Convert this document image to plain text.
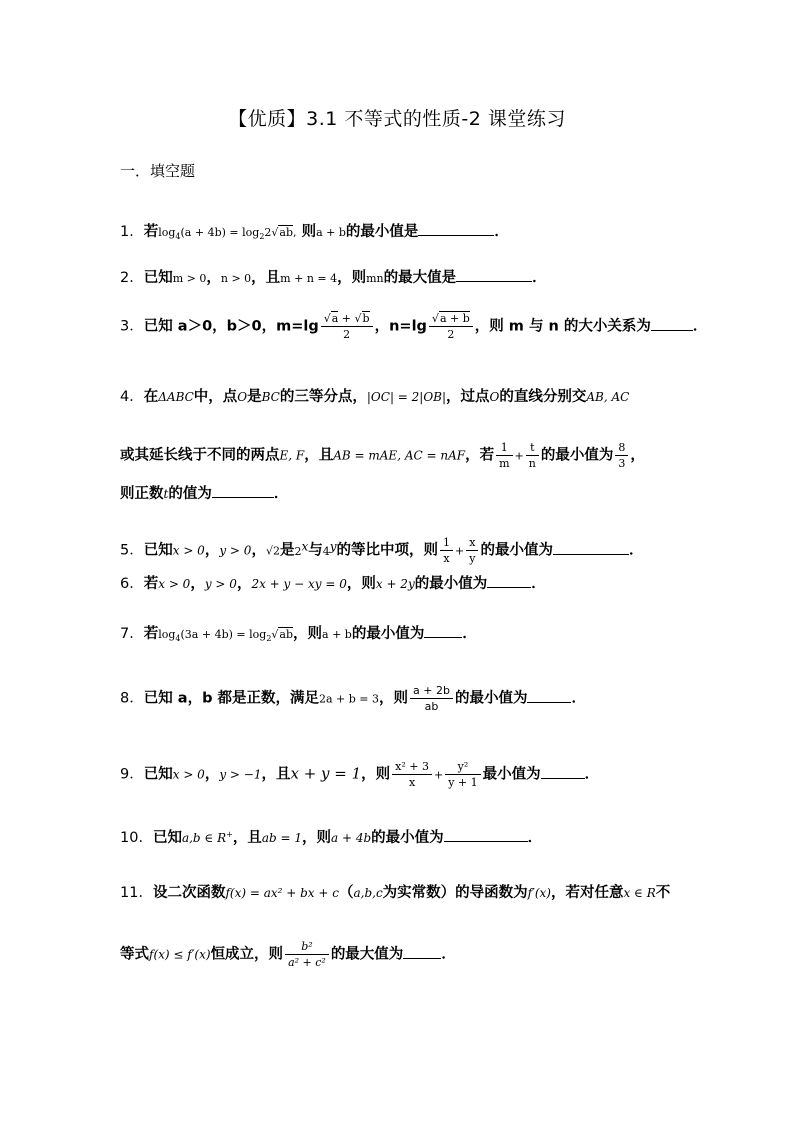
【优质】3.1 不等式的性质-2 课堂练习
一．填空题
1．若$\log_4(a + 4b) = \log_22√ab$, 则a + b的最小值是	．
2．已知m > 0，n > 0，且m + n = 4，则mn的最大值是	．
3．已知 a＞0，b＞0，$m=\lg \frac{√a + √b}{2}$ ，$n=\lg \frac{√a + b}{2}$ ，则 m 与 n 的大小关系为	．
4．在ΔABC中，点O是BC的三等分点，|OC| = 2|OB|，过点O的直线分别交AB, AC
或其延长线于不同的两点E, F，且AB = mAE, AC = nAF，若 $\frac{1}{m} + \frac{t}{n}$ 的最小值为 $\frac{8}{3}$ ，
则正数t的值为	．
5．已知x > 0，y > 0，√2是2$^x$与4$^y$的等比中项，则 $\frac{1}{x} + \frac{x}{y}$ 的最小值为	．
6．若x > 0，y > 0，2x + y − xy = 0，则x + 2y的最小值为	．
7．若$\log_4(3a + 4b) = \log_2√ab$，则a + b的最小值为	．
8．已知 a，b 都是正数，满足2a + b = 3，则 $\frac{a + 2b}{ab}$ 的最小值为	．
9．已知x > 0，y > −1，且x + y = 1，则 $\frac{\text{x² + 3}}{x} + \frac{\text{y²}}{y + 1}$ 最小值为	．
10．已知a,b ∈ R+，且ab = 1，则a + 4b的最小值为	．
11．设二次函数f(x) = ax² + bx + c（a,b,c为实常数）的导函数为f′(x)，若对任意x ∈ R不
等式f(x) ≤ f′(x)恒成立，则 $\frac{\text{b²}}{\text{a² + c²}}$ 的最大值为	．
